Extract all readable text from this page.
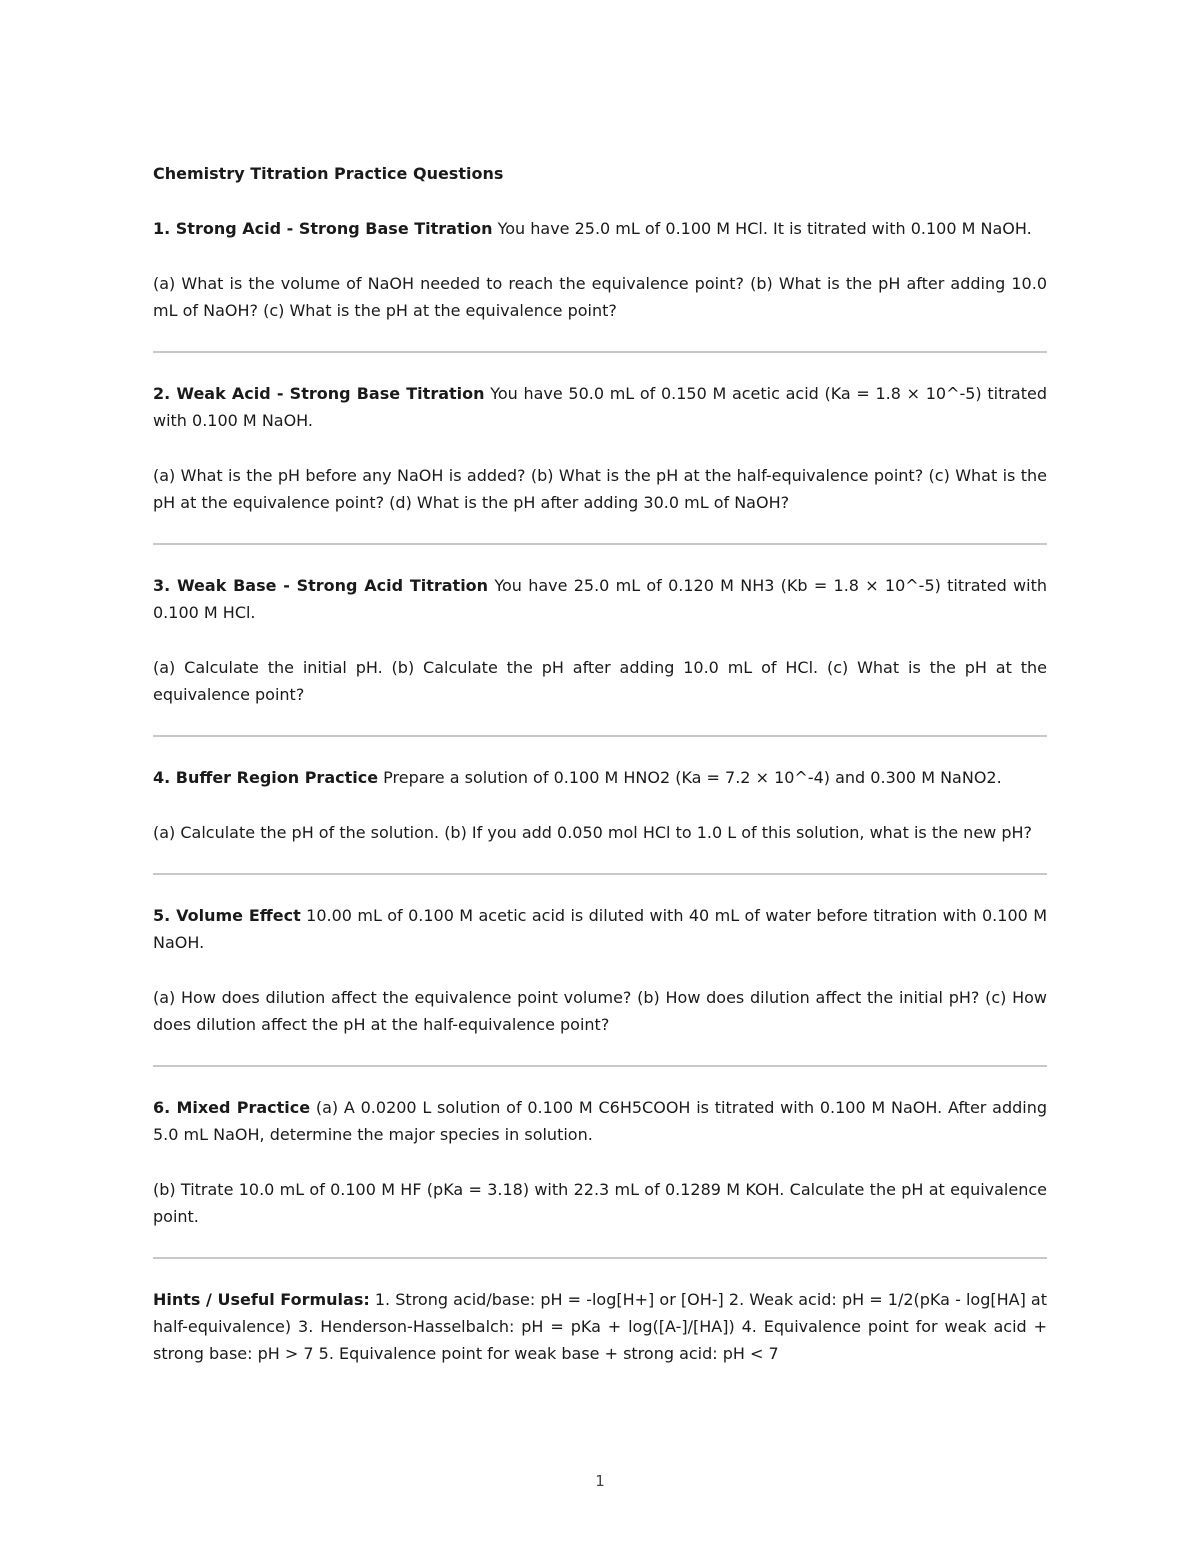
Chemistry Titration Practice Questions

1. Strong Acid - Strong Base Titration You have 25.0 mL of 0.100 M HCl. It is titrated with 0.100 M NaOH.

(a) What is the volume of NaOH needed to reach the equivalence point? (b) What is the pH after adding 10.0 mL of NaOH? (c) What is the pH at the equivalence point?

2. Weak Acid - Strong Base Titration You have 50.0 mL of 0.150 M acetic acid (Ka = 1.8 × 10^-5) titrated with 0.100 M NaOH.

(a) What is the pH before any NaOH is added? (b) What is the pH at the half-equivalence point? (c) What is the pH at the equivalence point? (d) What is the pH after adding 30.0 mL of NaOH?

3. Weak Base - Strong Acid Titration You have 25.0 mL of 0.120 M NH3 (Kb = 1.8 × 10^-5) titrated with 0.100 M HCl.

(a) Calculate the initial pH. (b) Calculate the pH after adding 10.0 mL of HCl. (c) What is the pH at the equivalence point?

4. Buffer Region Practice Prepare a solution of 0.100 M HNO2 (Ka = 7.2 × 10^-4) and 0.300 M NaNO2.

(a) Calculate the pH of the solution. (b) If you add 0.050 mol HCl to 1.0 L of this solution, what is the new pH?

5. Volume Effect 10.00 mL of 0.100 M acetic acid is diluted with 40 mL of water before titration with 0.100 M NaOH.

(a) How does dilution affect the equivalence point volume? (b) How does dilution affect the initial pH? (c) How does dilution affect the pH at the half-equivalence point?

6. Mixed Practice (a) A 0.0200 L solution of 0.100 M C6H5COOH is titrated with 0.100 M NaOH. After adding 5.0 mL NaOH, determine the major species in solution.

(b) Titrate 10.0 mL of 0.100 M HF (pKa = 3.18) with 22.3 mL of 0.1289 M KOH. Calculate the pH at equivalence point.

Hints / Useful Formulas: 1. Strong acid/base: pH = -log[H+] or [OH-] 2. Weak acid: pH = 1/2(pKa - log[HA] at half-equivalence) 3. Henderson-Hasselbalch: pH = pKa + log([A-]/[HA]) 4. Equivalence point for weak acid + strong base: pH > 7 5. Equivalence point for weak base + strong acid: pH < 7

1
